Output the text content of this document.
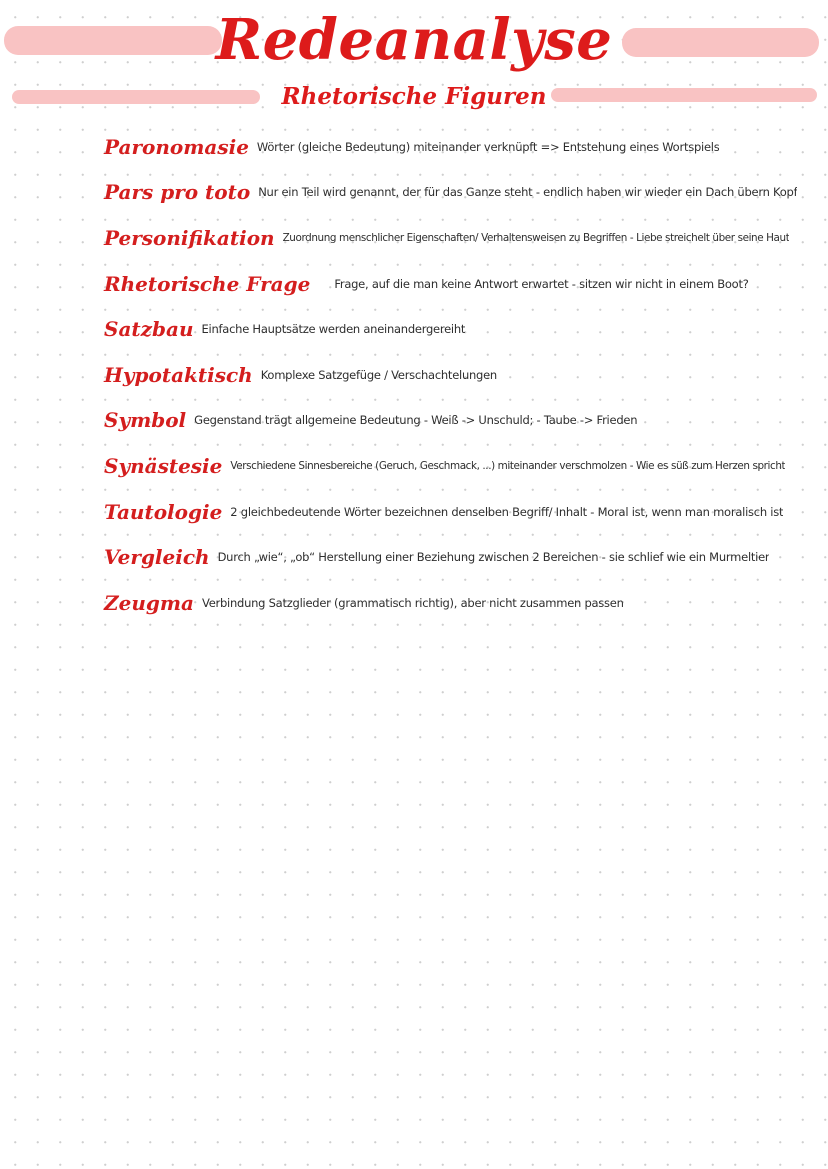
Redeanalyse
Rhetorische Figuren
Paronomasie Wörter (gleiche Bedeutung) miteinander verknüpft => Entstehung eines Wortspiels
Pars pro toto Nur ein Teil wird genannt, der für das Ganze steht - endlich haben wir wieder ein Dach übern Kopf
Personifikation Zuordnung menschlicher Eigenschaften/ Verhaltensweisen zu Begriffen - Liebe streichelt über seine Haut
Rhetorische Frage Frage, auf die man keine Antwort erwartet - sitzen wir nicht in einem Boot?
Satzbau Einfache Hauptsätze werden aneinandergereiht
Hypotaktisch Komplexe Satzgefüge / Verschachtelungen
Symbol Gegenstand trägt allgemeine Bedeutung - Weiß -> Unschuld; - Taube -> Frieden
Synästesie Verschiedene Sinnesbereiche (Geruch, Geschmack, ...) miteinander verschmolzen - Wie es süß zum Herzen spricht
Tautologie 2 gleichbedeutende Wörter bezeichnen denselben Begriff/ Inhalt - Moral ist, wenn man moralisch ist
Vergleich Durch „wie“, „ob“ Herstellung einer Beziehung zwischen 2 Bereichen - sie schlief wie ein Murmeltier
Zeugma Verbindung Satzglieder (grammatisch richtig), aber nicht zusammen passen
